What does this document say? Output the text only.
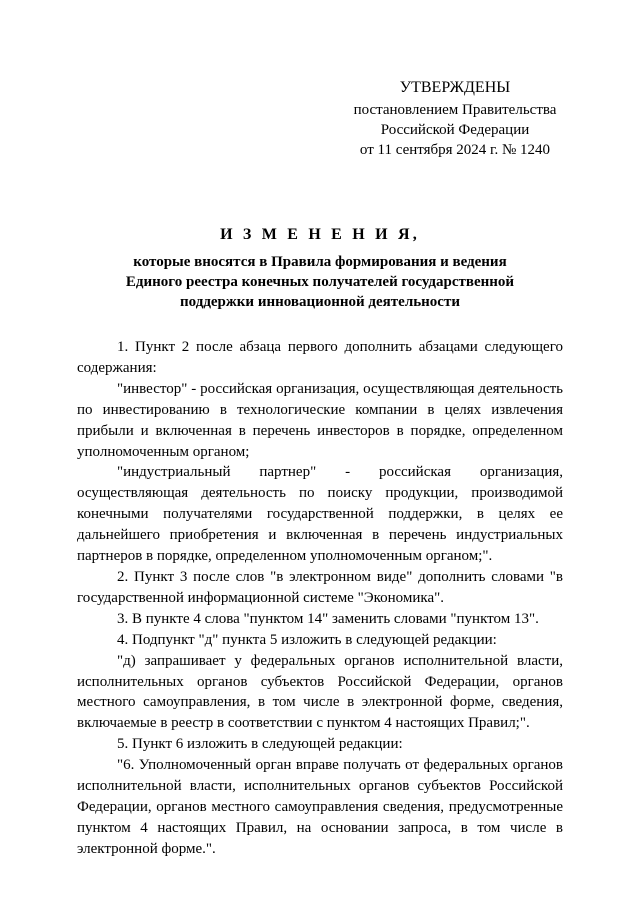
УТВЕРЖДЕНЫ
постановлением Правительства
Российской Федерации
от 11 сентября 2024 г. № 1240
И З М Е Н Е Н И Я,
которые вносятся в Правила формирования и ведения
Единого реестра конечных получателей государственной
поддержки инновационной деятельности

1. Пункт 2 после абзаца первого дополнить абзацами следующего содержания:

"инвестор" - российская организация, осуществляющая деятельность по инвестированию в технологические компании в целях извлечения прибыли и включенная в перечень инвесторов в порядке, определенном уполномоченным органом;

"индустриальный партнер" - российская организация, осуществляющая деятельность по поиску продукции, производимой конечными получателями государственной поддержки, в целях ее дальнейшего приобретения и включенная в перечень индустриальных партнеров в порядке, определенном уполномоченным органом;".

2. Пункт 3 после слов "в электронном виде" дополнить словами "в государственной информационной системе "Экономика".

3. В пункте 4 слова "пунктом 14" заменить словами "пунктом 13".

4. Подпункт "д" пункта 5 изложить в следующей редакции:

"д) запрашивает у федеральных органов исполнительной власти, исполнительных органов субъектов Российской Федерации, органов местного самоуправления, в том числе в электронной форме, сведения, включаемые в реестр в соответствии с пунктом 4 настоящих Правил;".

5. Пункт 6 изложить в следующей редакции:

"6. Уполномоченный орган вправе получать от федеральных органов исполнительной власти, исполнительных органов субъектов Российской Федерации, органов местного самоуправления сведения, предусмотренные пунктом 4 настоящих Правил, на основании запроса, в том числе в электронной форме.".
